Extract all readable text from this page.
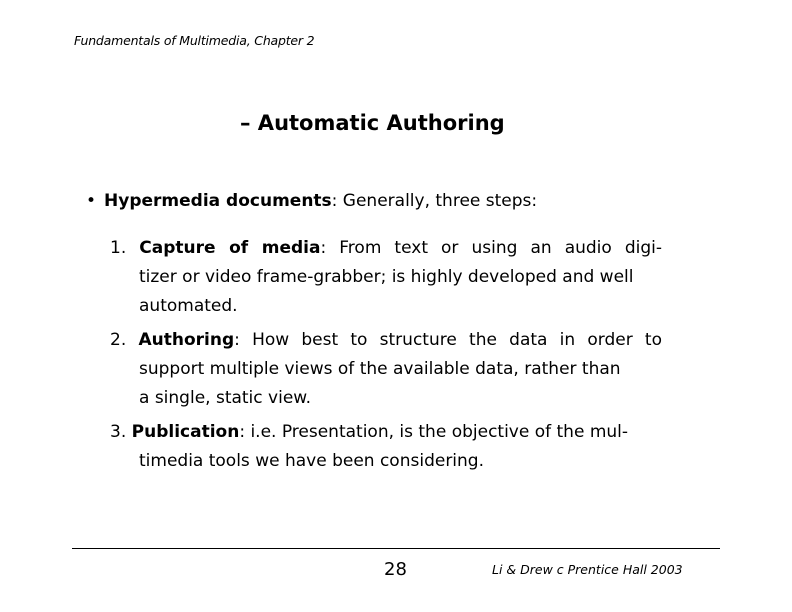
Fundamentals of Multimedia, Chapter 2
– Automatic Authoring
• Hypermedia documents: Generally, three steps:
1. Capture of media: From text or using an audio digi-
tizer or video frame-grabber; is highly developed and well
automated.
2. Authoring: How best to structure the data in order to
support multiple views of the available data, rather than
a single, static view.
3. Publication: i.e. Presentation, is the objective of the mul-
timedia tools we have been considering.
28	Li & Drew c Prentice Hall 2003
